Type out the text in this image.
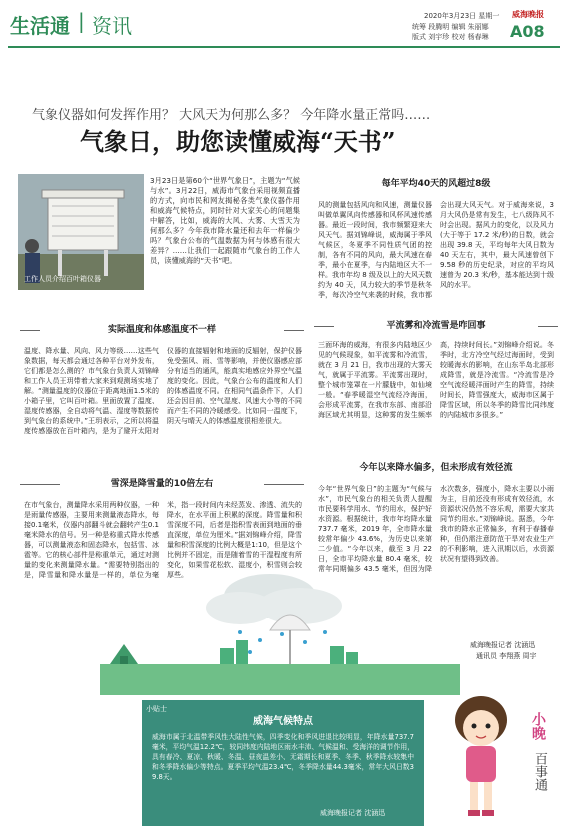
生活通 | 资讯	2020年3月23日 星期一
统筹 段腾明 编辑 朱丽娜
版式 刘宇珍 校对 杨春琳
威海晚报
A08
气象仪器如何发挥作用？ 大风天为何那么多？ 今年降水量正常吗……
气象日，助您读懂威海“天书”
工作人员介绍百叶箱仪器
3月23日是第60个“世界气象日”，主题为“气候与水”。3月22日，威海市气象台采用视频直播的方式，向市民和网友揭秘各类气象仪器作用和威海气候特点，同时针对大家关心的问题集中解答，比如，威海的大风、大雾、大雪天为何那么多？今年我市降水量还和去年一样偏少吗？气象台公布的气温数据为何与体感有很大差异？……让我们一起跟随市气象台的工作人员，读懂威海的“天书”吧。
每年平均40天的风超过8级
风的测量包括风向和风速，测量仪器叫做单翼风向传感器和风杯风速传感器。最近一段时间，我市频繁迎来大风天气。据刘锦峰说，威海属于季风气候区，冬夏季不同性质气团的控制，各有不同的风向，最大风速在春季，最小在夏季，与内陆地区大不一样。我市年均 8 级及以上的大风天数约为 40 天，风力较大的季节是秋冬季，每次冷空气来袭的时候，我市都会出现大风天气。对于威海来说，3 月大风仍是常有发生，七八级阵风不时会出现。据风力的变化，以及风力(大于等于 17.2 米/秒)的日数，就会出现 39.8 天，平均每年大风日数为 40 天左右，其中，最大风速曾创下 9.58 秒的历史纪录，对应的平均风速曾为 20.3 米/秒，基本能达到十级风的水平。
实际温度和体感温度不一样
温度、降水量、风向、风力等级……这些气象数据，每天都会通过各种平台对外发布，它们都是怎么测的？市气象台负责人刘锦峰和工作人员王玥带着大家来到观测场实地了解。“测量温度的仪器位于距离地面1.5米的小箱子里，它叫百叶箱。里面放置了温度、湿度传感器，全自动将气温、湿度等数据传到气象台的系统中。”王玥表示，之所以将温度传感器放在百叶箱内，是为了避开太阳对仪器的直接辐射和地面的反辐射，保护仪器免受强风、雨、雪等影响，并使仪器感应部分有适当的通风，能真实地感应外界空气温度的变化。因此，气象台公布的温度和人们的体感温度不同。在相同气温条件下，人们还会因目前、空气湿度、风速大小等的不同而产生不同的冷暖感受。比如同一温度下，阴天与晴天人的体感温度很相差很大。
平流雾和冷流雪是咋回事
三面环海的威海，有很多内陆地区少见的气候现象，如平流雾和冷流雪，就在 3 月 21 日，我市出现的大雾天气，就属于平流雾。平流雾出现时，整个城市笼罩在一片朦胧中，如仙境一般。“春季暖湿空气流经冷海面，会形成平流雾，在我市东部、南部沿海区域尤其明显，这种雾的发生频率高，持续时间长。”刘锦峰介绍说。冬季时，北方冷空气经过海面时，受到较暖海水的影响，在山东半岛北部形成降雪，就是冷流雪。“冷流雪是冷空气流经暖洋面时产生的降雪，持续时间长，降雪强度大，威海市区属于降雪区域，所以冬季的降雪比同纬度的内陆城市多很多。”
雪深是降雪量的10倍左右
在市气象台，测量降水采用两种仪器，一种是雨量传感器，主要用来测量液态降水，每接0.1毫米，仪器内部翻斗就会翻转产生0.1毫米降水的信号。另一种是称重式降水传感器，可以测量液态和固态降水，包括雪、冰雹等。它的核心部件是称重单元，通过对测量的变化来测量降水量。“需要特别指出的是，降雪量和降水量是一样的，单位为毫米，指一段时间内未经蒸发、渗透、流失的降水，在水平面上积累的深度。降雪量和积雪深度不同，后者是指积雪表面到地面的垂直深度，单位为厘米。”据刘锦峰介绍，降雪量和积雪深度的比例大概是1:10，但是这个比例并不固定，而是随着雪的干湿程度有所变化，如果雪花松软、湿度小，积雪则会较厚些。
今年以来降水偏多，但未形成有效径流
今年“世界气象日”的主题为“气候与水”，市民气象台的相关负责人提醒市民要科学用水、节约用水，保护好水资源。根据统计，我市年均降水量 737.7 毫米，2019 年，全市降水量较常年偏少 43.6%，为历史以来第二少值。“今年以来，截至 3 月 22 日，全市平均降水量 80.4 毫米，较常年同期偏多 43.5 毫米，但因为降水次数多，强度小，降水主要以小雨为主，目前还没有形成有效径流，水资源状况仍然不容乐观，需要大家共同节约用水。”刘锦峰说。据悉，今年我市的降水正常偏多，有利于春播春种，但仍需注意防范干旱对农业生产的不利影响，进入汛期以后，水资源状况有望得到改善。
威海晚报记者 沈涵迅
通讯员 李翔燕 周宇
小贴士
威海气候特点
威海市属于北温带季风性大陆性气候，四季变化和季风进退比较明显，年降水量737.7毫米，平均气温12.2℃，较同纬度内陆地区雨水丰沛、气候温和、受海洋的调节作用，具有春冷、夏凉、秋暖、冬温、昼夜温差小、无霜期长和夏季、冬季、秋季降水较集中和冬季降水偏少等特点。夏季平均气温23.4℃，冬季降水量44.3毫米，常年大风日数39.8天。
威海晚报记者 沈涵迅
小晚
百事通
